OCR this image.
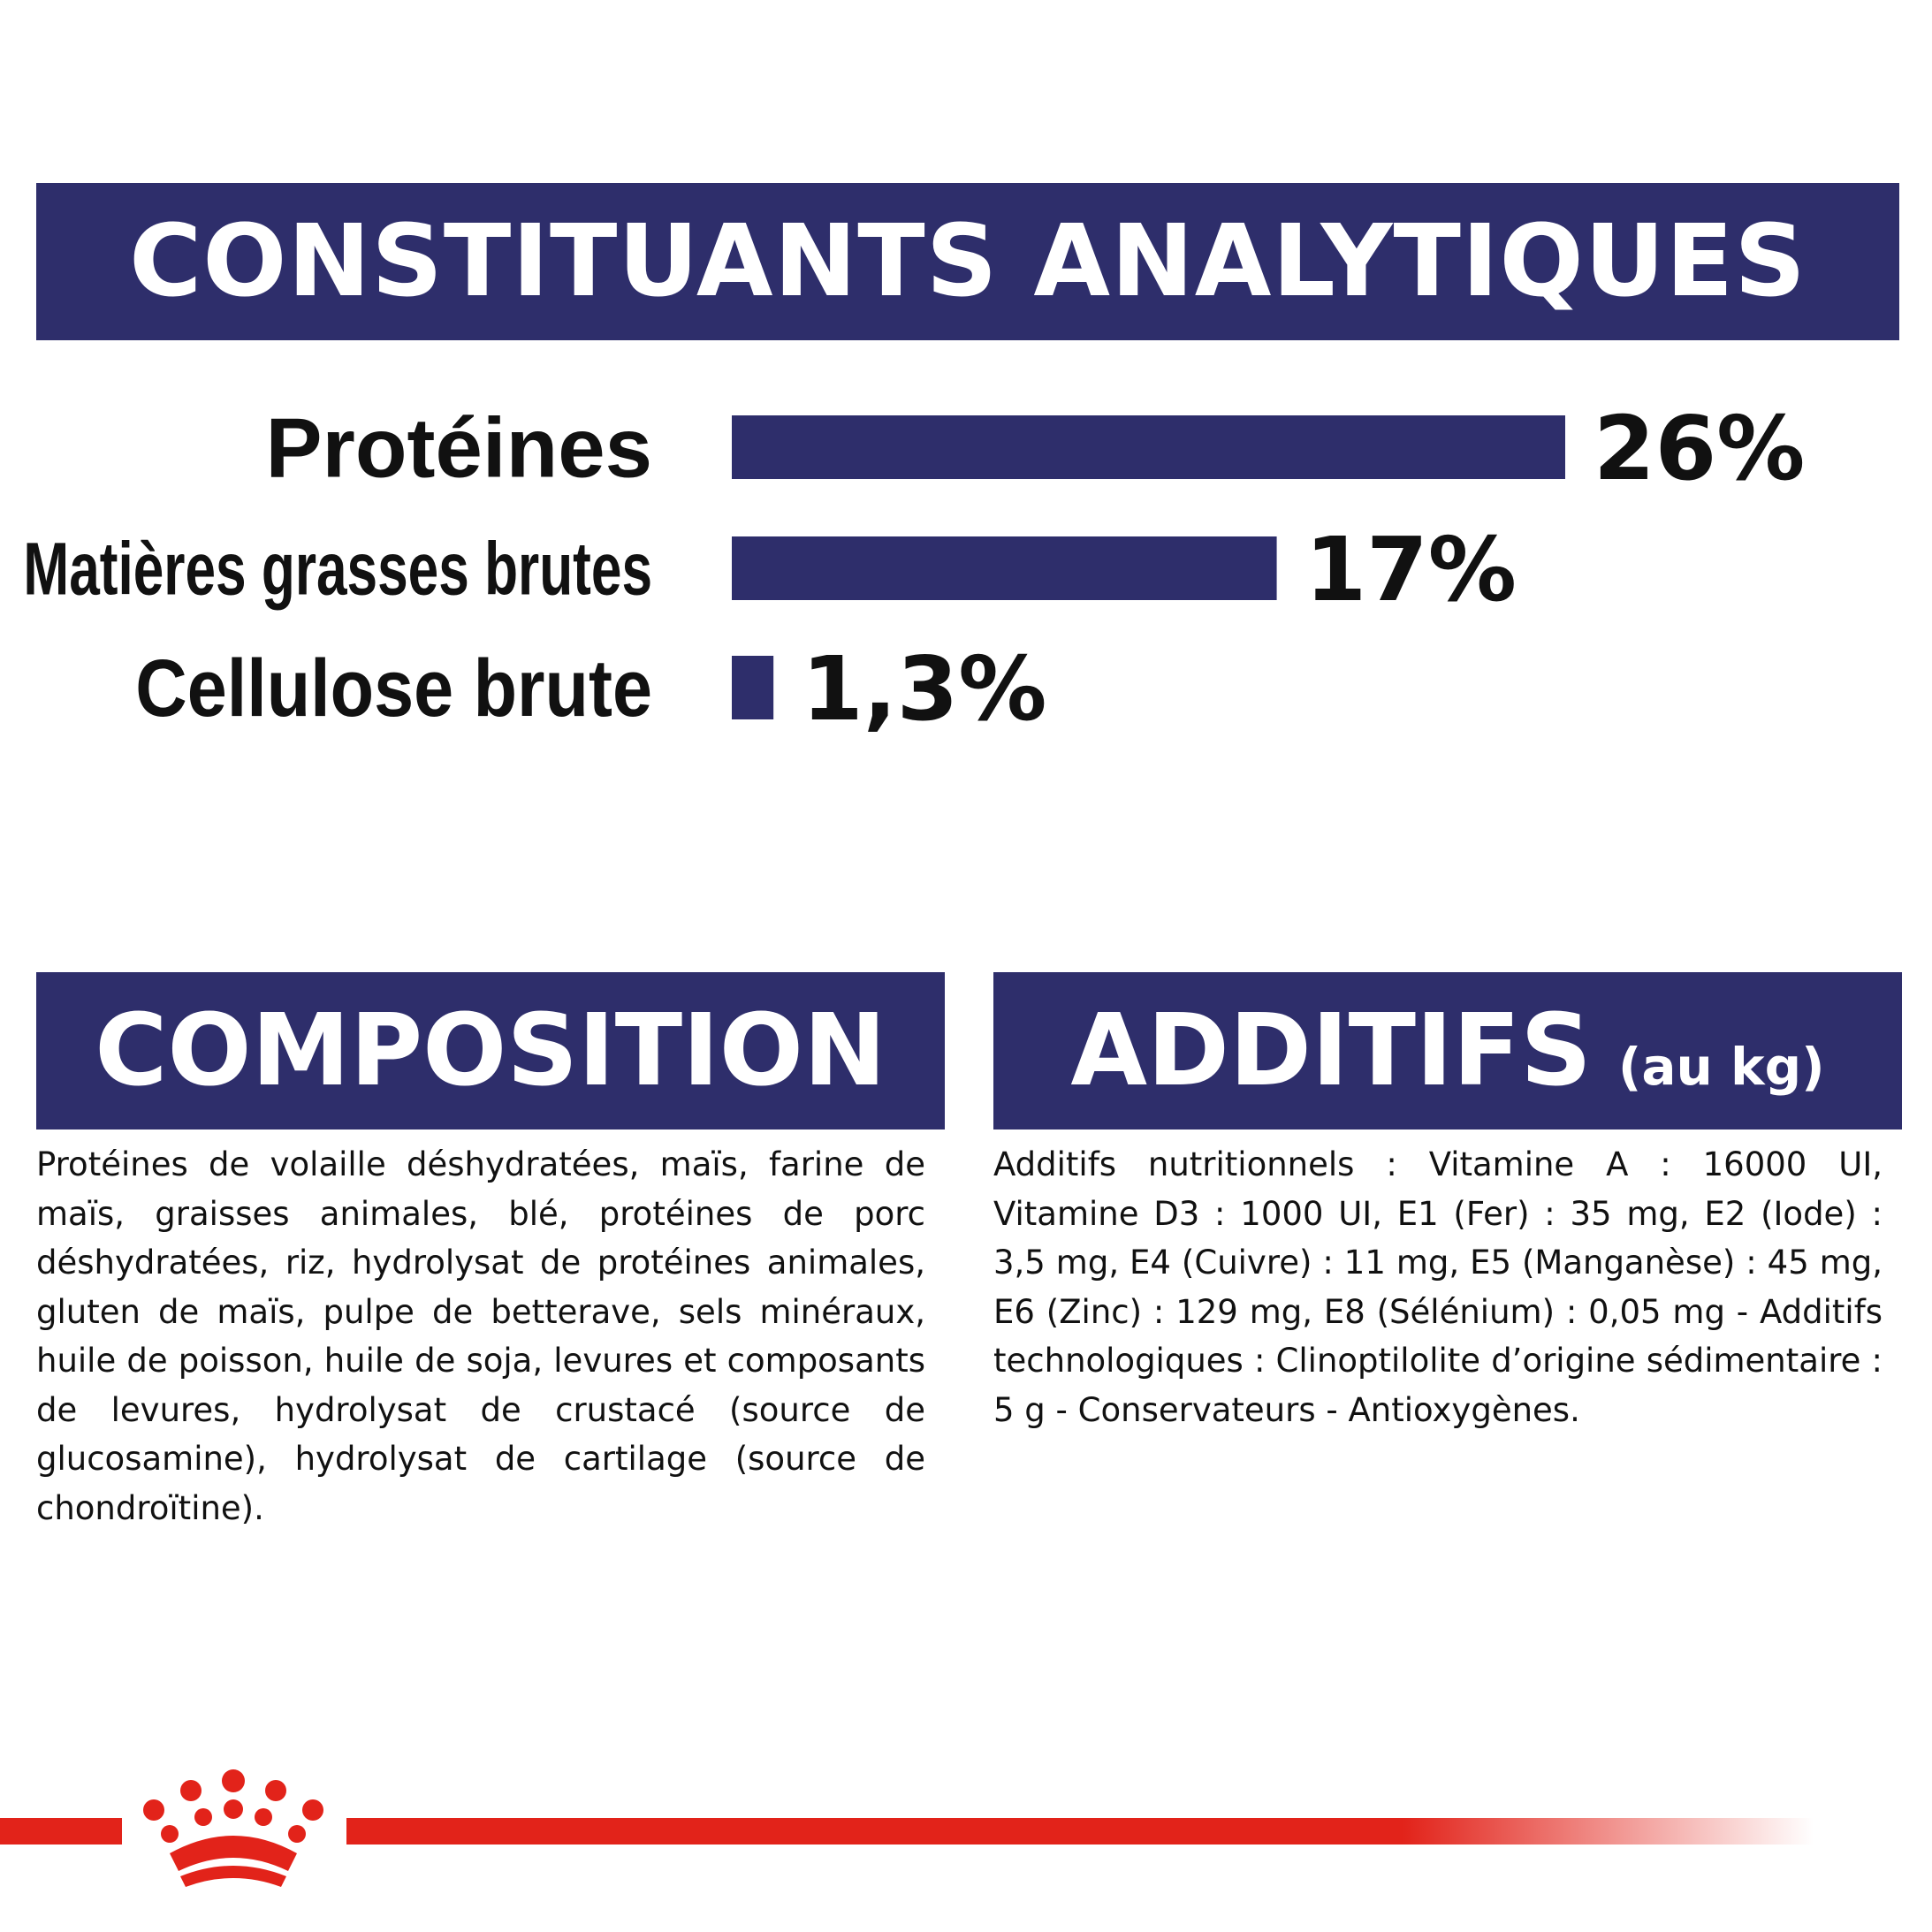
CONSTITUANTS ANALYTIQUES
Protéines	26%
Matières grasses brutes	17%
Cellulose brute 1,3%
COMPOSITION ADDITIFS (au kg)
Protéines de volaille déshydratées, maïs, farine de maïs, graisses animales, blé, protéines de porc déshydratées, riz, hydrolysat de protéines animales, gluten de maïs, pulpe de betterave, sels minéraux, huile de poisson, huile de soja, levures et composants de levures, hydrolysat de crustacé (source de glucosamine), hydrolysat de cartilage (source de chondroïtine).
Additifs nutritionnels : Vitamine A : 16000 UI, Vitamine D3 : 1000 UI, E1 (Fer) : 35 mg, E2 (Iode) : 3,5 mg, E4 (Cuivre) : 11 mg, E5 (Manganèse) : 45 mg, E6 (Zinc) : 129 mg, E8 (Sélénium) : 0,05 mg - Additifs technologiques : Clinoptilolite d’origine sédimentaire : 5 g - Conservateurs - Antioxygènes.
